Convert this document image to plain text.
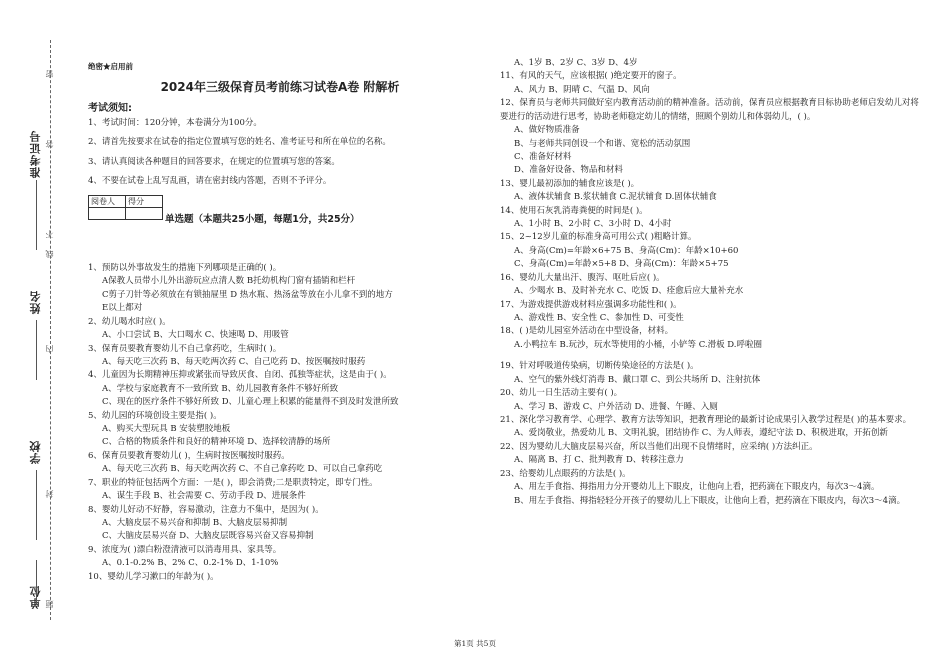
准考证号
姓名
学校
单位
密
封
线
内
不
答
题
绝密★启用前
2024年三级保育员考前练习试卷A卷 附解析
考试须知:
1、考试时间：120分钟，本卷满分为100分。
2、请首先按要求在试卷的指定位置填写您的姓名、准考证号和所在单位的名称。
3、请认真阅读各种题目的回答要求，在规定的位置填写您的答案。
4、不要在试卷上乱写乱画，请在密封线内答题，否则不予评分。
阅卷人	得分

单选题（本题共25小题，每题1分，共25分）
1、预防以外事故发生的措施下列哪项是正确的( )。
A保教人员带小儿外出游玩应点清人数 B托幼机构门窗有插销和栏杆
C剪子刀针等必须放在有锁抽屉里 D 热水瓶、热汤盆等放在小儿拿不到的地方
E以上都对
2、幼儿喝水时应( )。
A、小口尝试 B、大口喝水 C、快速喝 D、用吸管
3、保育员要教育婴幼儿不自己拿药吃，生病时( )。
A、每天吃三次药 B、每天吃两次药 C、自己吃药 D、按医嘱按时服药
4、儿童因为长期精神压抑或紧张而导致厌食、自闭、孤独等症状，这是由于( )。
A、学校与家庭教育不一致所致 B、幼儿园教育条件不够好所致
C、现在的医疗条件不够好所致 D、儿童心理上积累的能量得不到及时发泄所致
5、幼儿园的环境创设主要是指( )。
A、购买大型玩具 B 安装塑胶地板
C、合格的物质条件和良好的精神环境 D、选择较清静的场所
6、保育员要教育婴幼儿( )，生病时按医嘱按时服药。
A、每天吃三次药 B、每天吃两次药 C、不自己拿药吃 D、可以自己拿药吃
7、职业的特征包括两个方面：一是( )，即会消费;二是职责特定，即专门性。
A、谋生手段 B、社会需要 C、劳动手段 D、进展条件
8、婴幼儿好动不好静，容易激动，注意力不集中，是因为( )。
A、大脑皮层不易兴奋和抑制 B、大脑皮层易抑制
C、大脑皮层易兴奋 D、大脑皮层既容易兴奋又容易抑制
9、浓度为( )漂白粉澄清液可以消毒用具、家具等。
A、0.1-0.2% B、2% C、0.2-1% D、1-10%
10、婴幼儿学习漱口的年龄为( )。
A、1岁 B、2岁 C、3岁 D、4岁
11、有风的天气，应该根据( )绝定要开的窗子。
A、风力 B、阴晴 C、气温 D、风向
12、保育员与老师共同做好室内教育活动前的精神准备。活动前，保育员应根据教育目标协助老师启发幼儿对将要进行的活动进行思考，协助老师稳定幼儿的情绪，照顾个别幼儿和体弱幼儿，( )。
A、做好物质准备
B、与老师共同创设一个和谐、宽松的活动氛围
C、准备好材料
D、准备好设备、物品和材料
13、婴儿最初添加的辅食应该是( )。
A、液体状辅食 B.浆状辅食 C.泥状辅食 D.固体状辅食
14、使用石灰乳消毒粪便的时间是( )。
A、1小时 B、2小时 C、3小时 D、4小时
15、2~12岁儿童的标准身高可用公式( )粗略计算。
A、身高(Cm)=年龄×6+75 B、身高(Cm)：年龄×10+60
C、身高(Cm)=年龄×5+8 D、身高(Cm)：年龄×5+75
16、婴幼儿大量出汗、腹泻、呕吐后应( )。
A、少喝水 B、及时补充水 C、吃饭 D、痊愈后应大量补充水
17、为游戏提供游戏材料应强调多功能性和( )。
A、游戏性 B、安全性 C、参加性 D、可变性
18、( )是幼儿园室外活动在中型设备，材料。
A.小鸭拉车 B.玩沙，玩水等使用的小桶，小铲等 C.滑板 D.呼啦圈
19、针对呼吸道传染病，切断传染途径的方法是( )。
A、空气的紫外线灯消毒 B、戴口罩 C、到公共场所 D、注射抗体
20、幼儿一日生活动主要有( )。
A、学习 B、游戏 C、户外活动 D、进餐、午睡、入厕
21、深化学习教育学、心理学、教育方法等知识，把教育理论的最新讨论成果引入教学过程是( )的基本要求。
A、爱岗敬业，热爱幼儿 B、文明礼貌，团结协作 C、为人师表，遵纪守法 D、积极进取，开拓创新
22、因为婴幼儿大脑皮层易兴奋，所以当他们出现不良情绪时，应采纳( )方法纠正。
A、隔离 B、打 C、批判教育 D、转移注意力
23、给婴幼儿点眼药的方法是( )。
A、用左手食指、拇指用力分开婴幼儿上下眼皮，让他向上看，把药滴在下眼皮内，每次3～4滴。
B、用左手食指、拇指轻轻分开孩子的婴幼儿上下眼皮，让他向上看，把药滴在下眼皮内，每次3～4滴。
第1页 共5页
